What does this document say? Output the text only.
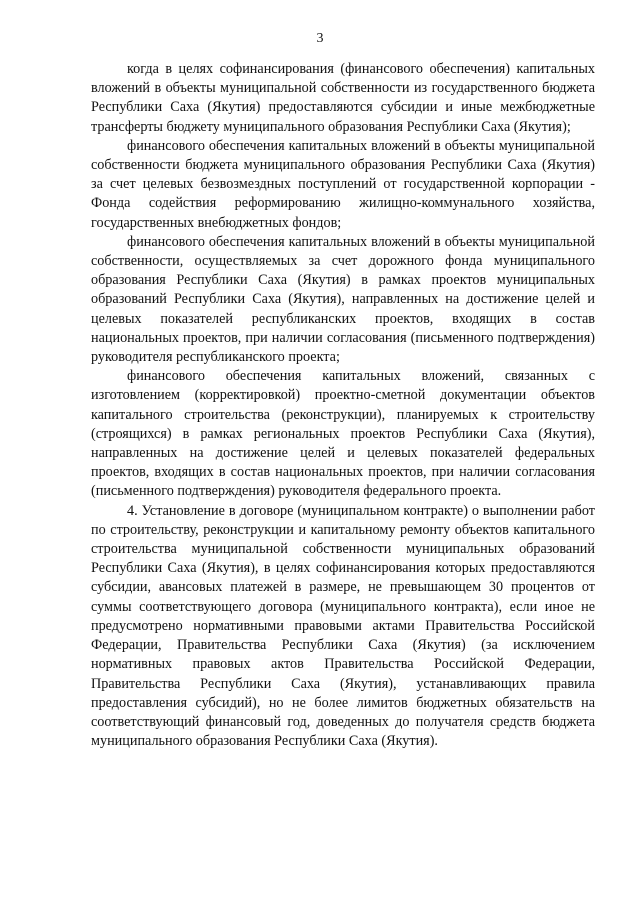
3

когда в целях софинансирования (финансового обеспечения) капитальных вложений в объекты муниципальной собственности из государственного бюджета Республики Саха (Якутия) предоставляются субсидии и иные межбюджетные трансферты бюджету муниципального образования Республики Саха (Якутия);

финансового обеспечения капитальных вложений в объекты муниципальной собственности бюджета муниципального образования Республики Саха (Якутия) за счет целевых безвозмездных поступлений от государственной корпорации - Фонда содействия реформированию жилищно-коммунального хозяйства, государственных внебюджетных фондов;

финансового обеспечения капитальных вложений в объекты муниципальной собственности, осуществляемых за счет дорожного фонда муниципального образования Республики Саха (Якутия) в рамках проектов муниципальных образований Республики Саха (Якутия), направленных на достижение целей и целевых показателей республиканских проектов, входящих в состав национальных проектов, при наличии согласования (письменного подтверждения) руководителя республиканского проекта;

финансового обеспечения капитальных вложений, связанных с изготовлением (корректировкой) проектно-сметной документации объектов капитального строительства (реконструкции), планируемых к строительству (строящихся) в рамках региональных проектов Республики Саха (Якутия), направленных на достижение целей и целевых показателей федеральных проектов, входящих в состав национальных проектов, при наличии согласования (письменного подтверждения) руководителя федерального проекта.

4. Установление в договоре (муниципальном контракте) о выполнении работ по строительству, реконструкции и капитальному ремонту объектов капитального строительства муниципальной собственности муниципальных образований Республики Саха (Якутия), в целях софинансирования которых предоставляются субсидии, авансовых платежей в размере, не превышающем 30 процентов от суммы соответствующего договора (муниципального контракта), если иное не предусмотрено нормативными правовыми актами Правительства Российской Федерации, Правительства Республики Саха (Якутия) (за исключением нормативных правовых актов Правительства Российской Федерации, Правительства Республики Саха (Якутия), устанавливающих правила предоставления субсидий), но не более лимитов бюджетных обязательств на соответствующий финансовый год, доведенных до получателя средств бюджета муниципального образования Республики Саха (Якутия).
